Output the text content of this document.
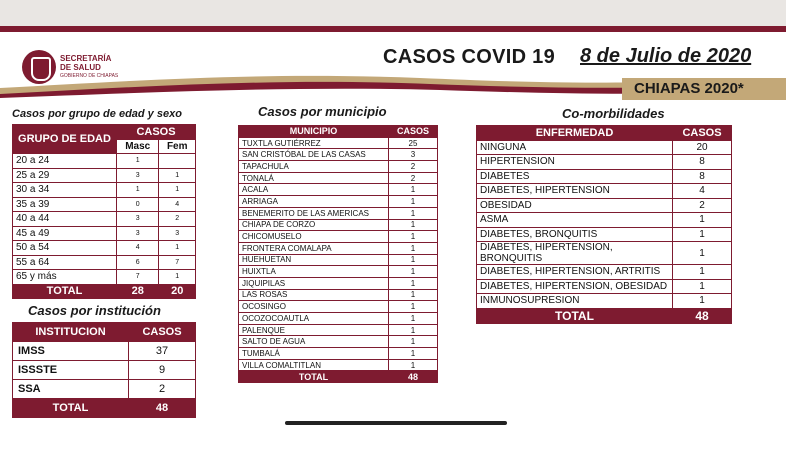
SECRETARÍA
DE SALUD
GOBIERNO DE CHIAPAS
CASOS COVID 19 8 de Julio de 2020
CHIAPAS 2020*
Casos por grupo de edad y sexo	Casos por municipio	Co-morbilidades
Casos por institución
GRUPO DE EDAD	CASOS	
	Masc	Fem
20 a 24	1	
25 a 29	3	1
30 a 34	1	1
35 a 39	0	4
40 a 44	3	2
45 a 49	3	3
50 a 54	4	1
55 a 64	6	7
65 y más	7	1
TOTAL	28	20
INSTITUCION	CASOS
IMSS	37
ISSSTE	9
SSA	2
TOTAL	48
MUNICIPIO	CASOS
TUXTLA GUTIÉRREZ	25
SAN CRISTÓBAL DE LAS CASAS	3
TAPACHULA	2
TONALÁ	2
ACALA	1
ARRIAGA	1
BENEMERITO DE LAS AMERICAS	1
CHIAPA DE CORZO	1
CHICOMUSELO	1
FRONTERA COMALAPA	1
HUEHUETAN	1
HUIXTLA	1
JIQUIPILAS	1
LAS ROSAS	1
OCOSINGO	1
OCOZOCOAUTLA	1
PALENQUE	1
SALTO DE AGUA	1
TUMBALÁ	1
VILLA COMALTITLAN	1
TOTAL	48
ENFERMEDAD	CASOS
NINGUNA	20
HIPERTENSION	8
DIABETES	8
DIABETES, HIPERTENSION	4
OBESIDAD	2
ASMA	1
DIABETES, BRONQUITIS	1
DIABETES, HIPERTENSION, BRONQUITIS	1
DIABETES, HIPERTENSION, ARTRITIS	1
DIABETES, HIPERTENSION, OBESIDAD	1
INMUNOSUPRESION	1
TOTAL	48
